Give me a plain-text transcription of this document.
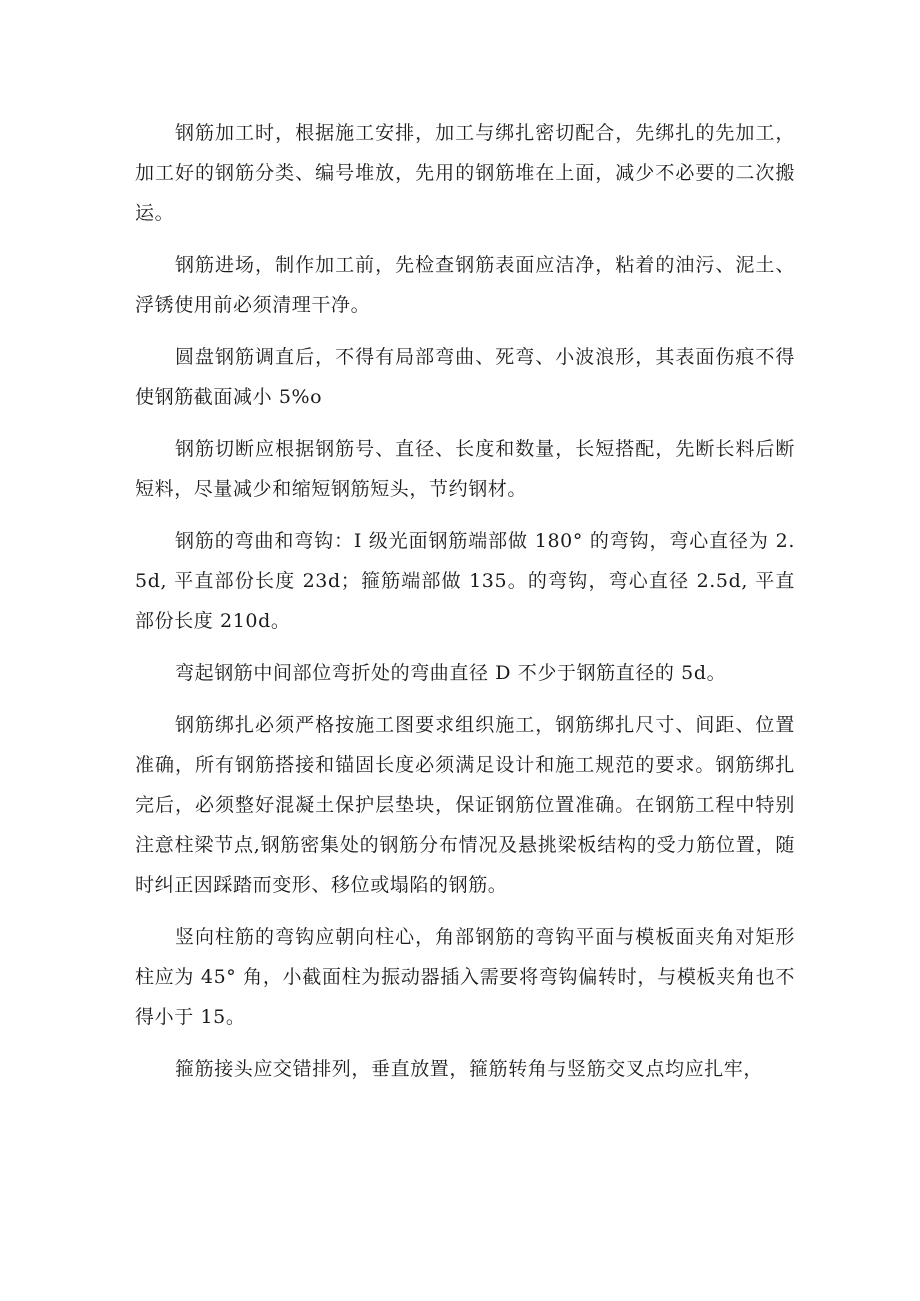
钢筋加工时，根据施工安排，加工与绑扎密切配合，先绑扎的先加工，加工好的钢筋分类、编号堆放，先用的钢筋堆在上面，减少不必要的二次搬运。

钢筋进场，制作加工前，先检查钢筋表面应洁净，粘着的油污、泥土、浮锈使用前必须清理干净。

圆盘钢筋调直后，不得有局部弯曲、死弯、小波浪形，其表面伤痕不得使钢筋截面减小 5%o

钢筋切断应根据钢筋号、直径、长度和数量，长短搭配，先断长料后断短料，尽量减少和缩短钢筋短头，节约钢材。

钢筋的弯曲和弯钩：I 级光面钢筋端部做 180° 的弯钩，弯心直径为 2.5d, 平直部份长度 23d；箍筋端部做 135。的弯钩，弯心直径 2.5d, 平直部份长度 210d。

弯起钢筋中间部位弯折处的弯曲直径 D 不少于钢筋直径的 5d。

钢筋绑扎必须严格按施工图要求组织施工，钢筋绑扎尺寸、间距、位置准确，所有钢筋搭接和锚固长度必须满足设计和施工规范的要求。钢筋绑扎完后，必须整好混凝土保护层垫块，保证钢筋位置准确。在钢筋工程中特别注意柱梁节点,钢筋密集处的钢筋分布情况及悬挑梁板结构的受力筋位置，随时纠正因踩踏而变形、移位或塌陷的钢筋。

竖向柱筋的弯钩应朝向柱心，角部钢筋的弯钩平面与模板面夹角对矩形柱应为 45° 角，小截面柱为振动器插入需要将弯钩偏转时，与模板夹角也不得小于 15。

箍筋接头应交错排列，垂直放置，箍筋转角与竖筋交叉点均应扎牢，
